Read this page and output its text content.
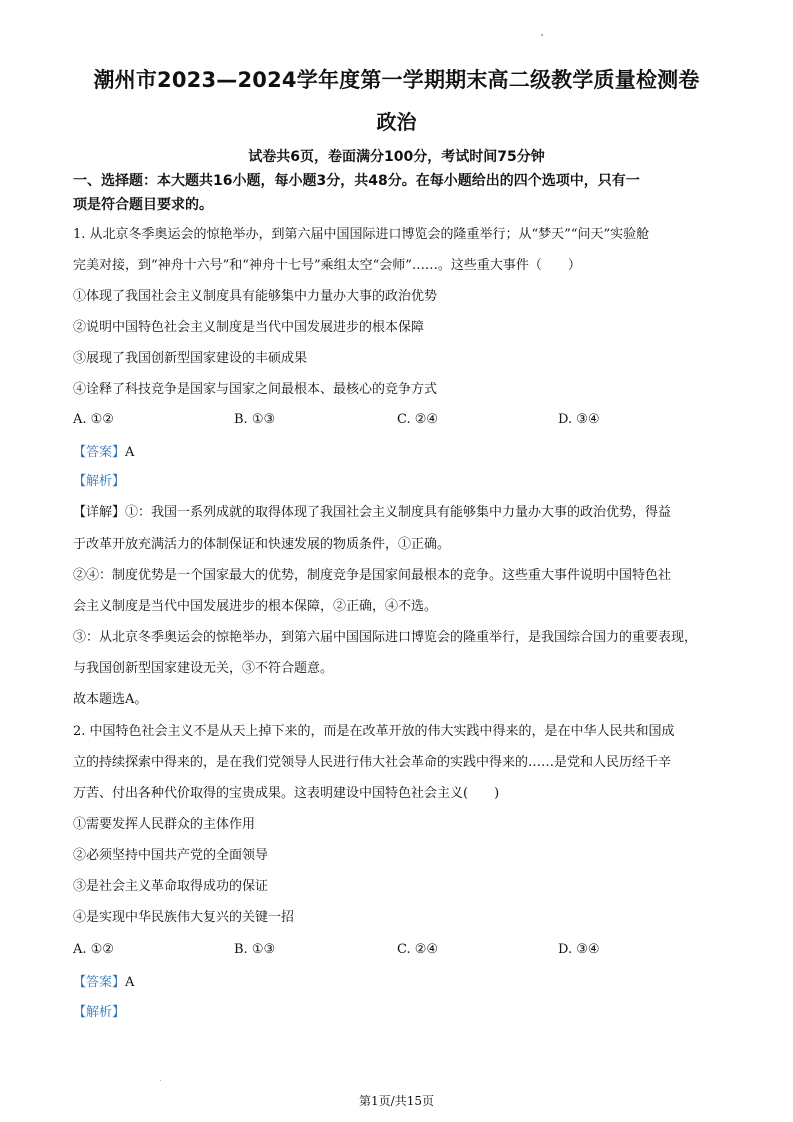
潮州市2023—2024学年度第一学期期末高二级教学质量检测卷
政治
试卷共6页，卷面满分100分，考试时间75分钟
一、选择题：本大题共16小题，每小题3分，共48分。在每小题给出的四个选项中，只有一
项是符合题目要求的。
1. 从北京冬季奥运会的惊艳举办，到第六届中国国际进口博览会的隆重举行；从“梦天”“问天”实验舱
完美对接，到“神舟十六号”和“神舟十七号”乘组太空“会师”……。这些重大事件（　　）
①体现了我国社会主义制度具有能够集中力量办大事的政治优势
②说明中国特色社会主义制度是当代中国发展进步的根本保障
③展现了我国创新型国家建设的丰硕成果
④诠释了科技竞争是国家与国家之间最根本、最核心的竞争方式
A. ①②	B. ①③	C. ②④	D. ③④
【答案】A
【解析】
【详解】①：我国一系列成就的取得体现了我国社会主义制度具有能够集中力量办大事的政治优势，得益
于改革开放充满活力的体制保证和快速发展的物质条件，①正确。
②④：制度优势是一个国家最大的优势，制度竞争是国家间最根本的竞争。这些重大事件说明中国特色社
会主义制度是当代中国发展进步的根本保障，②正确，④不选。
③：从北京冬季奥运会的惊艳举办，到第六届中国国际进口博览会的隆重举行，是我国综合国力的重要表现，
与我国创新型国家建设无关，③不符合题意。
故本题选A。
2. 中国特色社会主义不是从天上掉下来的，而是在改革开放的伟大实践中得来的，是在中华人民共和国成
立的持续探索中得来的，是在我们党领导人民进行伟大社会革命的实践中得来的……是党和人民历经千辛
万苦、付出各种代价取得的宝贵成果。这表明建设中国特色社会主义(　　)
①需要发挥人民群众的主体作用
②必须坚持中国共产党的全面领导
③是社会主义革命取得成功的保证
④是实现中华民族伟大复兴的关键一招
A. ①②	B. ①③	C. ②④	D. ③④
【答案】A
【解析】
第1页/共15页
